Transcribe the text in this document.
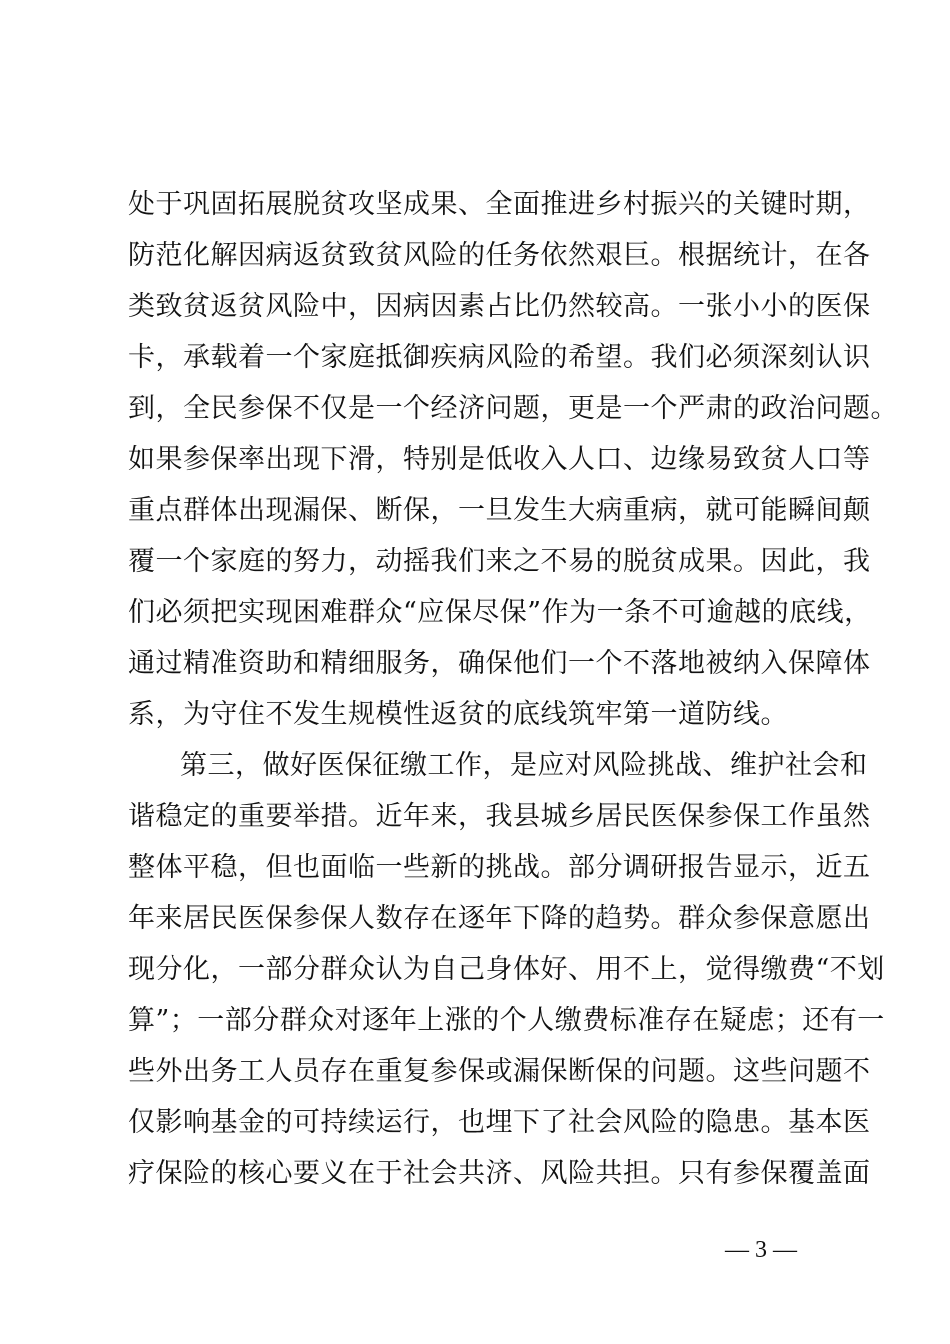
处于巩固拓展脱贫攻坚成果、全面推进乡村振兴的关键时期，
防范化解因病返贫致贫风险的任务依然艰巨。根据统计，在各
类致贫返贫风险中，因病因素占比仍然较高。一张小小的医保
卡，承载着一个家庭抵御疾病风险的希望。我们必须深刻认识
到，全民参保不仅是一个经济问题，更是一个严肃的政治问题。
如果参保率出现下滑，特别是低收入人口、边缘易致贫人口等
重点群体出现漏保、断保，一旦发生大病重病，就可能瞬间颠
覆一个家庭的努力，动摇我们来之不易的脱贫成果。因此，我
们必须把实现困难群众“应保尽保”作为一条不可逾越的底线，
通过精准资助和精细服务，确保他们一个不落地被纳入保障体
系，为守住不发生规模性返贫的底线筑牢第一道防线。
第三，做好医保征缴工作，是应对风险挑战、维护社会和
谐稳定的重要举措。近年来，我县城乡居民医保参保工作虽然
整体平稳，但也面临一些新的挑战。部分调研报告显示，近五
年来居民医保参保人数存在逐年下降的趋势。群众参保意愿出
现分化，一部分群众认为自己身体好、用不上，觉得缴费“不划
算”；一部分群众对逐年上涨的个人缴费标准存在疑虑；还有一
些外出务工人员存在重复参保或漏保断保的问题。这些问题不
仅影响基金的可持续运行，也埋下了社会风险的隐患。基本医
疗保险的核心要义在于社会共济、风险共担。只有参保覆盖面
— 3 —
